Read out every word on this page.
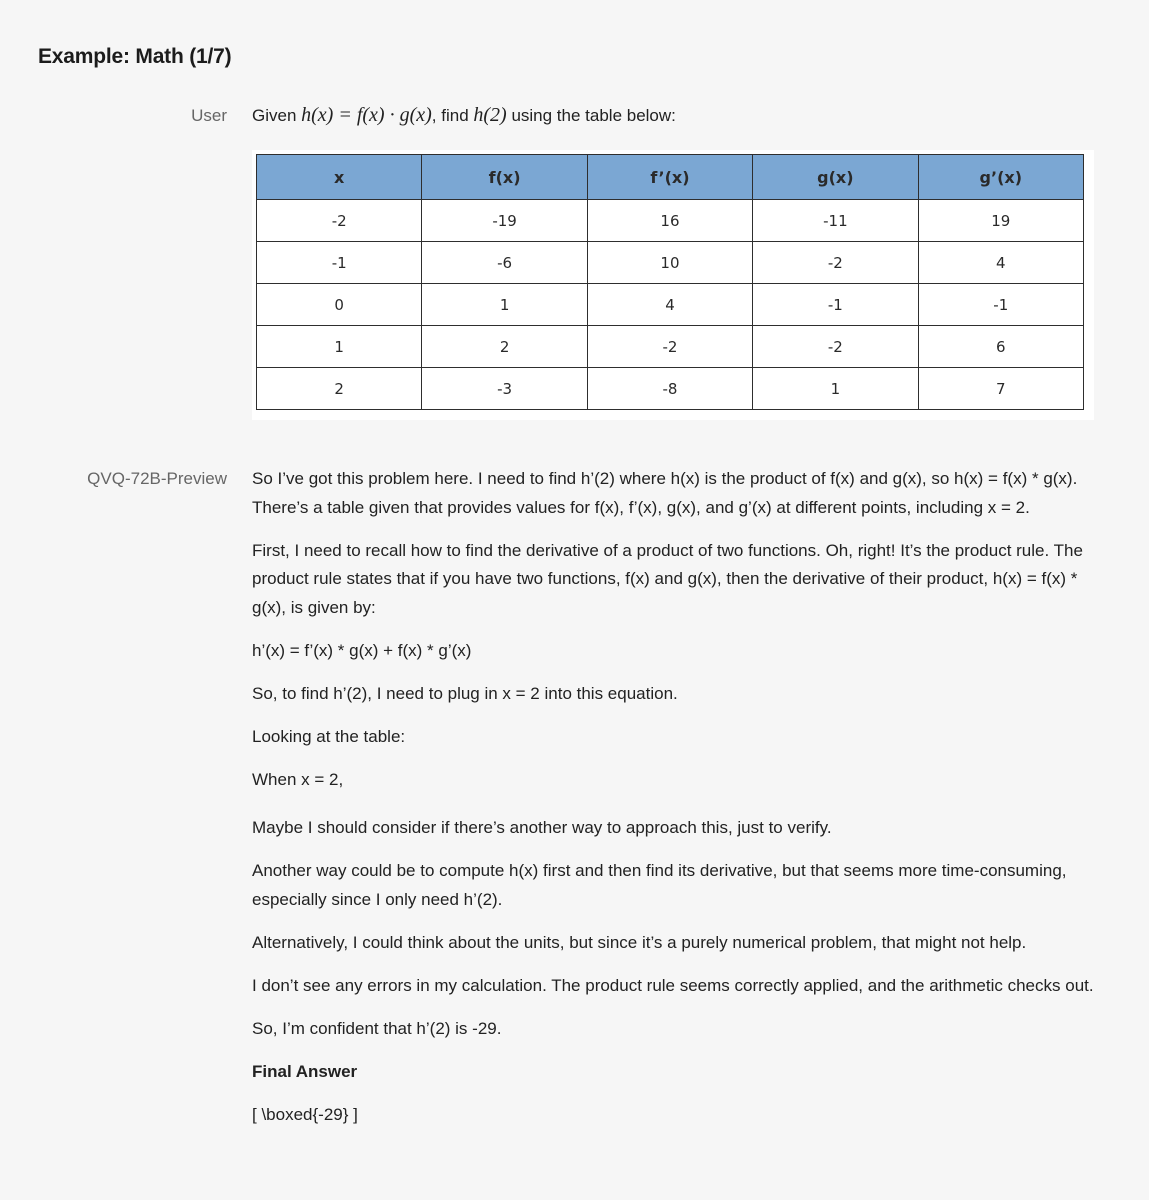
Example: Math (1/7)
User Given h(x) = f(x) · g(x), find h(2) using the table below:
x	f(x)	f’(x)	g(x)	g’(x)
-2	-19	16	-11	19
-1	-6	10	-2	4
0	1	4	-1	-1
1	2	-2	-2	6
2	-3	-8	1	7
QVQ-72B-Preview So I’ve got this problem here. I need to find h’(2) where h(x) is the product of f(x) and g(x), so h(x) = f(x) * g(x). There’s a table given that provides values for f(x), f’(x), g(x), and g’(x) at different points, including x = 2.

First, I need to recall how to find the derivative of a product of two functions. Oh, right! It’s the product rule. The product rule states that if you have two functions, f(x) and g(x), then the derivative of their product, h(x) = f(x) * g(x), is given by:

h’(x) = f’(x) * g(x) + f(x) * g’(x)

So, to find h’(2), I need to plug in x = 2 into this equation.

Looking at the table:

When x = 2,

Maybe I should consider if there’s another way to approach this, just to verify.

Another way could be to compute h(x) first and then find its derivative, but that seems more time-consuming, especially since I only need h’(2).

Alternatively, I could think about the units, but since it’s a purely numerical problem, that might not help.

I don’t see any errors in my calculation. The product rule seems correctly applied, and the arithmetic checks out.

So, I’m confident that h’(2) is -29.

Final Answer

[ \boxed{-29} ]
